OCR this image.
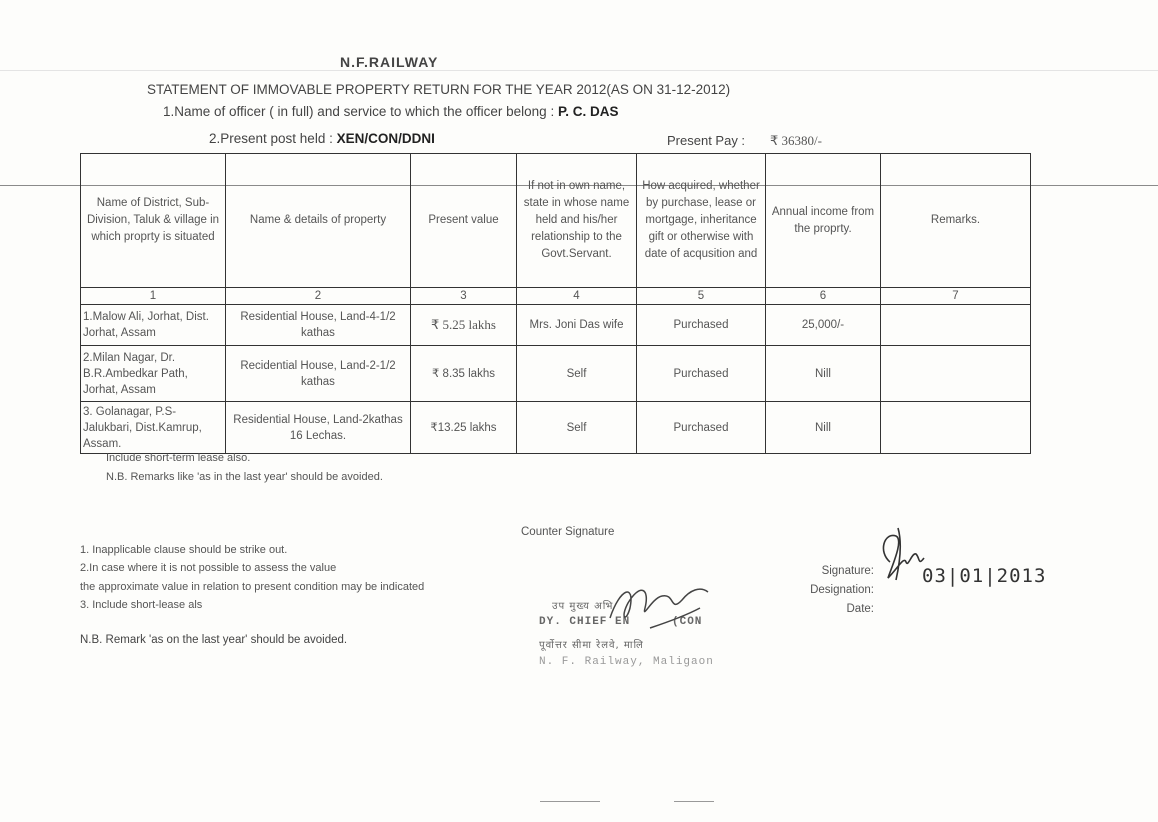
N.F.RAILWAY
STATEMENT OF IMMOVABLE PROPERTY RETURN FOR THE YEAR 2012(AS ON 31-12-2012)
1.Name of officer ( in full) and service to which the officer belong : P. C. DAS
2.Present post held : XEN/CON/DDNI	Present Pay : ₹ 36380/-
Name of District, Sub-Division, Taluk & village in which proprty is situated	Name & details of property	Present value	If not in own name, state in whose name held and his/her relationship to the Govt.Servant.	How acquired, whether by purchase, lease or mortgage, inheritance gift or otherwise with date of acqusition and	Annual income from the proprty.	Remarks.
1	2	3	4	5	6	7
1.Malow Ali, Jorhat, Dist. Jorhat, Assam	Residential House, Land-4-1/2 kathas	₹ 5.25 lakhs	Mrs. Joni Das wife	Purchased	25,000/-	
2.Milan Nagar, Dr. B.R.Ambedkar Path, Jorhat, Assam	Recidential House, Land-2-1/2 kathas	₹ 8.35 lakhs	Self	Purchased	Nill	
3. Golanagar, P.S- Jalukbari, Dist.Kamrup, Assam.	Residential House, Land-2kathas 16 Lechas.	₹13.25 lakhs	Self	Purchased	Nill	
Include short-term lease also.
N.B. Remarks like 'as in the last year' should be avoided.
Counter Signature
1. Inapplicable clause should be strike out.
2.In case where it is not possible to assess the value
the approximate value in relation to present condition may be indicated
3. Include short-lease als
N.B. Remark 'as on the last year' should be avoided.
उप मुख्य अभि
DY. CHIEF EN	(CON
पूर्वोत्तर सीमा रेलवे, मालि
N. F. Railway, Maligaon
Signature:
Designation:
Date:
03|01|2013
